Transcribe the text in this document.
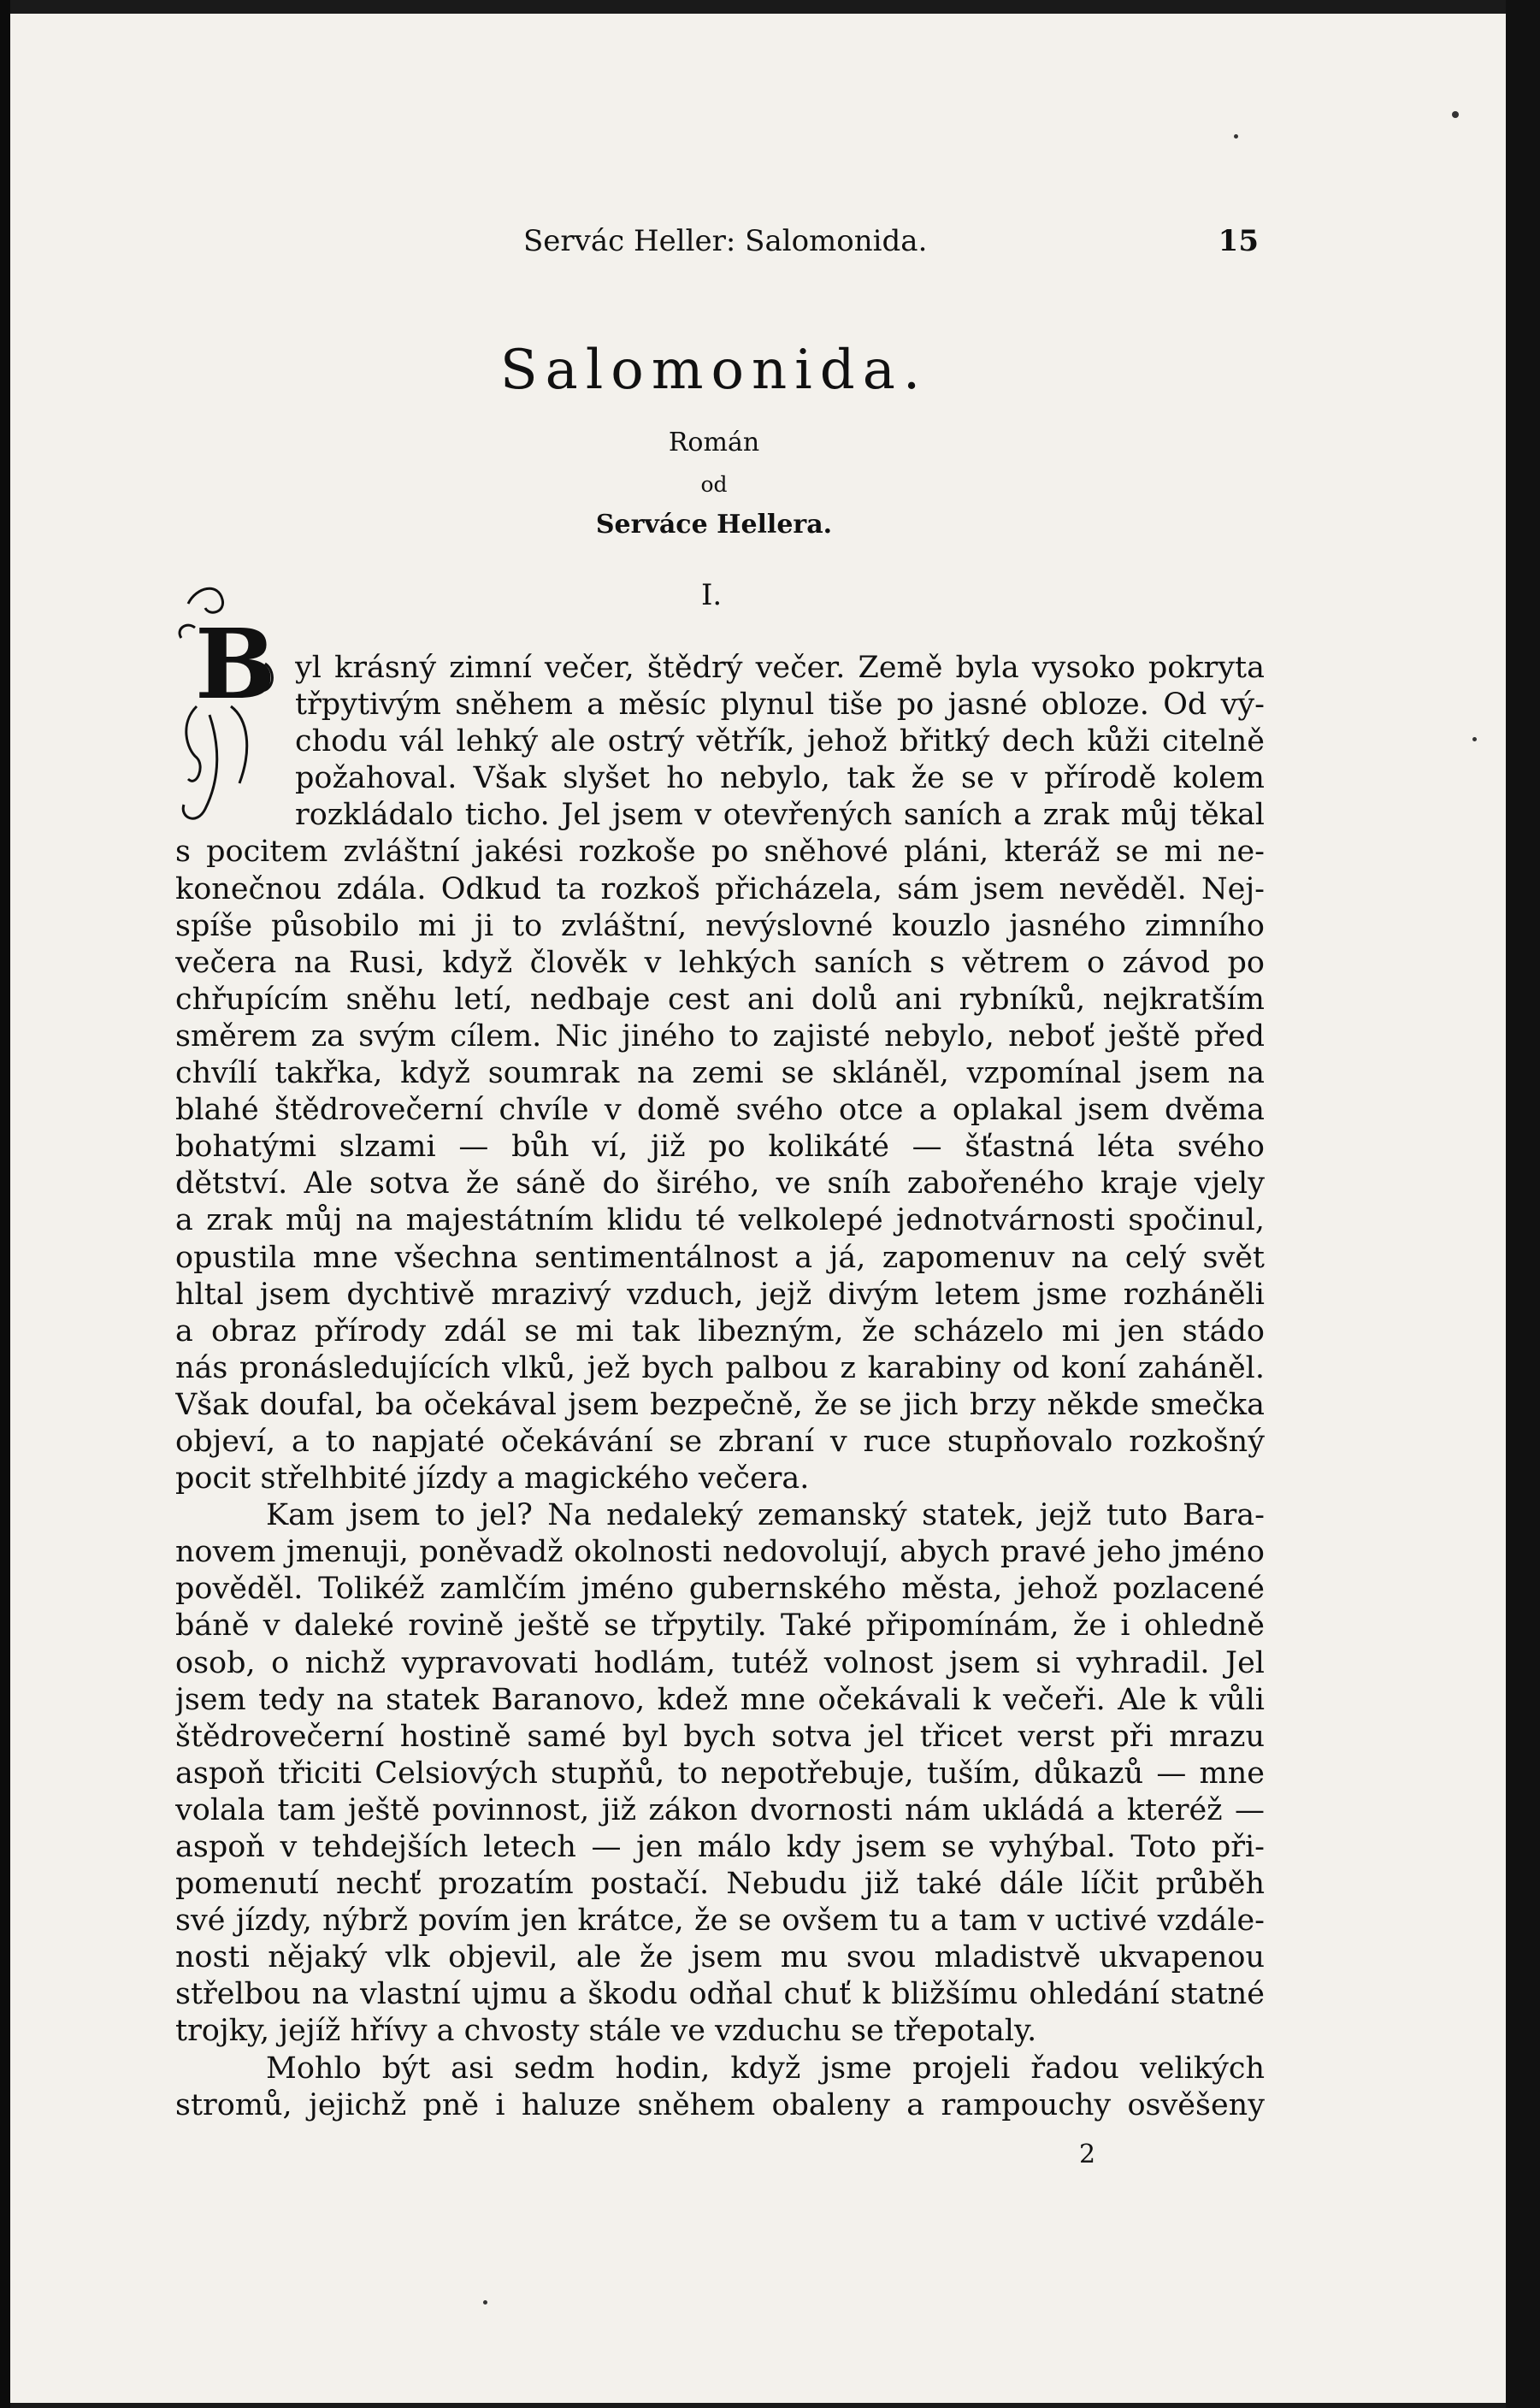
Servác Heller: Salomonida.	15
Salomonida.
Román
od
Serváce Hellera.
I.
B yl krásný zimní večer, štědrý večer. Země byla vysoko pokryta
třpytivým sněhem a měsíc plynul tiše po jasné obloze. Od vý-
chodu vál lehký ale ostrý větřík, jehož břitký dech kůži citelně
požahoval. Však slyšet ho nebylo, tak že se v přírodě kolem
rozkládalo ticho. Jel jsem v otevřených saních a zrak můj těkal
s pocitem zvláštní jakési rozkoše po sněhové pláni, kteráž se mi ne-
konečnou zdála. Odkud ta rozkoš přicházela, sám jsem nevěděl. Nej-
spíše působilo mi ji to zvláštní, nevýslovné kouzlo jasného zimního
večera na Rusi, když člověk v lehkých saních s větrem o závod po
chřupícím sněhu letí, nedbaje cest ani dolů ani rybníků, nejkratším
směrem za svým cílem. Nic jiného to zajisté nebylo, neboť ještě před
chvílí takřka, když soumrak na zemi se skláněl, vzpomínal jsem na
blahé štědrovečerní chvíle v domě svého otce a oplakal jsem dvěma
bohatými slzami — bůh ví, již po kolikáté — šťastná léta svého
dětství. Ale sotva že sáně do širého, ve sníh zabořeného kraje vjely
a zrak můj na majestátním klidu té velkolepé jednotvárnosti spočinul,
opustila mne všechna sentimentálnost a já, zapomenuv na celý svět
hltal jsem dychtivě mrazivý vzduch, jejž divým letem jsme rozháněli
a obraz přírody zdál se mi tak libezným, že scházelo mi jen stádo
nás pronásledujících vlků, jež bych palbou z karabiny od koní zaháněl.
Však doufal, ba očekával jsem bezpečně, že se jich brzy někde smečka
objeví, a to napjaté očekávání se zbraní v ruce stupňovalo rozkošný
pocit střelhbité jízdy a magického večera.
Kam jsem to jel? Na nedaleký zemanský statek, jejž tuto Bara-
novem jmenuji, poněvadž okolnosti nedovolují, abych pravé jeho jméno
pověděl. Tolikéž zamlčím jméno gubernského města, jehož pozlacené
báně v daleké rovině ještě se třpytily. Také připomínám, že i ohledně
osob, o nichž vypravovati hodlám, tutéž volnost jsem si vyhradil. Jel
jsem tedy na statek Baranovo, kdež mne očekávali k večeři. Ale k vůli
štědrovečerní hostině samé byl bych sotva jel třicet verst při mrazu
aspoň třiciti Celsiových stupňů, to nepotřebuje, tuším, důkazů — mne
volala tam ještě povinnost, již zákon dvornosti nám ukládá a kteréž —
aspoň v tehdejších letech — jen málo kdy jsem se vyhýbal. Toto při-
pomenutí nechť prozatím postačí. Nebudu již také dále líčit průběh
své jízdy, nýbrž povím jen krátce, že se ovšem tu a tam v uctivé vzdále-
nosti nějaký vlk objevil, ale že jsem mu svou mladistvě ukvapenou
střelbou na vlastní ujmu a škodu odňal chuť k bližšímu ohledání statné
trojky, jejíž hřívy a chvosty stále ve vzduchu se třepotaly.
Mohlo být asi sedm hodin, když jsme projeli řadou velikých
stromů, jejichž pně i haluze sněhem obaleny a rampouchy osvěšeny
2
